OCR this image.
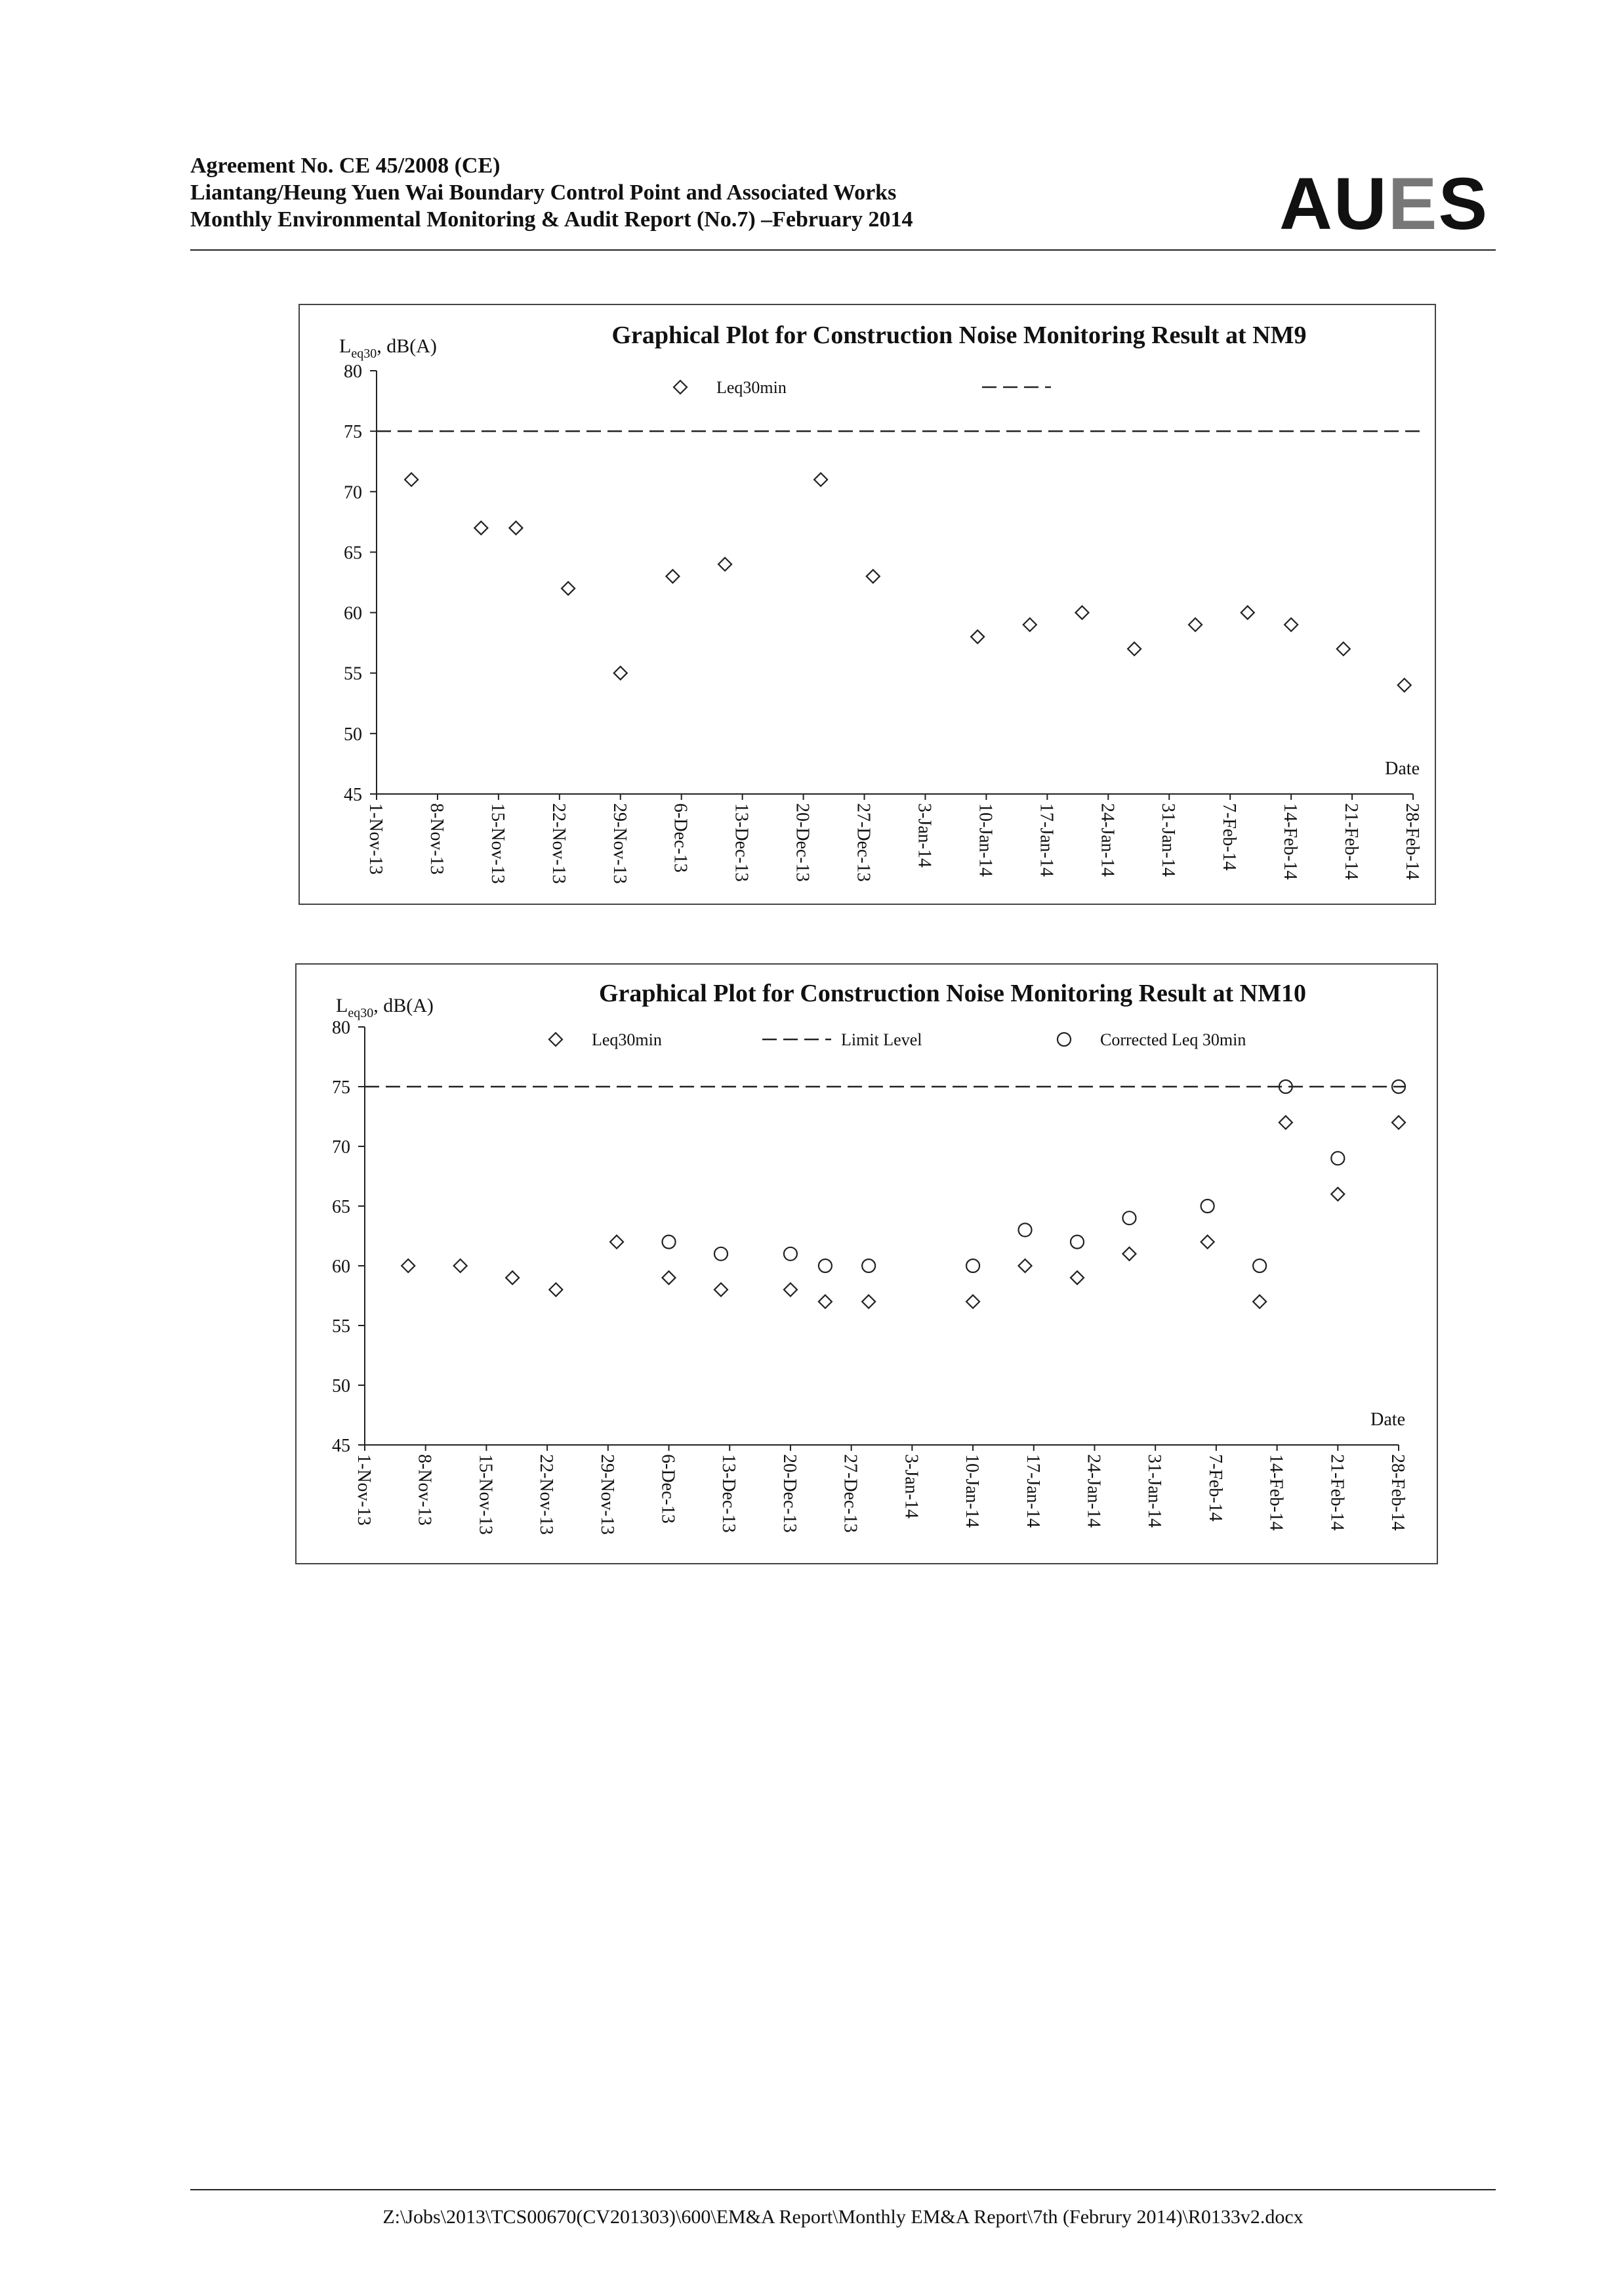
Agreement No. CE 45/2008 (CE)
Liantang/Heung Yuen Wai Boundary Control Point and Associated Works
Monthly Environmental Monitoring & Audit Report (No.7) –February 2014	AUES
Graphical Plot for Construction Noise Monitoring Result at NM9
$L_{eq30}$, dB(A)
45
50
55
60
65
70
75
80
1-Nov-13 8-Nov-13 15-Nov-13 22-Nov-13 29-Nov-13 6-Dec-13 13-Dec-13 20-Dec-13 27-Dec-13 3-Jan-14 10-Jan-14 17-Jan-14 24-Jan-14 31-Jan-14 7-Feb-14 14-Feb-14 21-Feb-14 28-Feb-14
Date
Leq30min
Graphical Plot for Construction Noise Monitoring Result at NM10
$L_{eq30}$, dB(A)
45
50
55
60
65
70
75
80
1-Nov-13 8-Nov-13 15-Nov-13 22-Nov-13 29-Nov-13 6-Dec-13 13-Dec-13 20-Dec-13 27-Dec-13 3-Jan-14 10-Jan-14 17-Jan-14 24-Jan-14 31-Jan-14 7-Feb-14 14-Feb-14 21-Feb-14 28-Feb-14
Date
Leq30min	Limit Level	Corrected Leq 30min
Z:\Jobs\2013\TCS00670(CV201303)\600\EM&A Report\Monthly EM&A Report\7th (Februry 2014)\R0133v2.docx
